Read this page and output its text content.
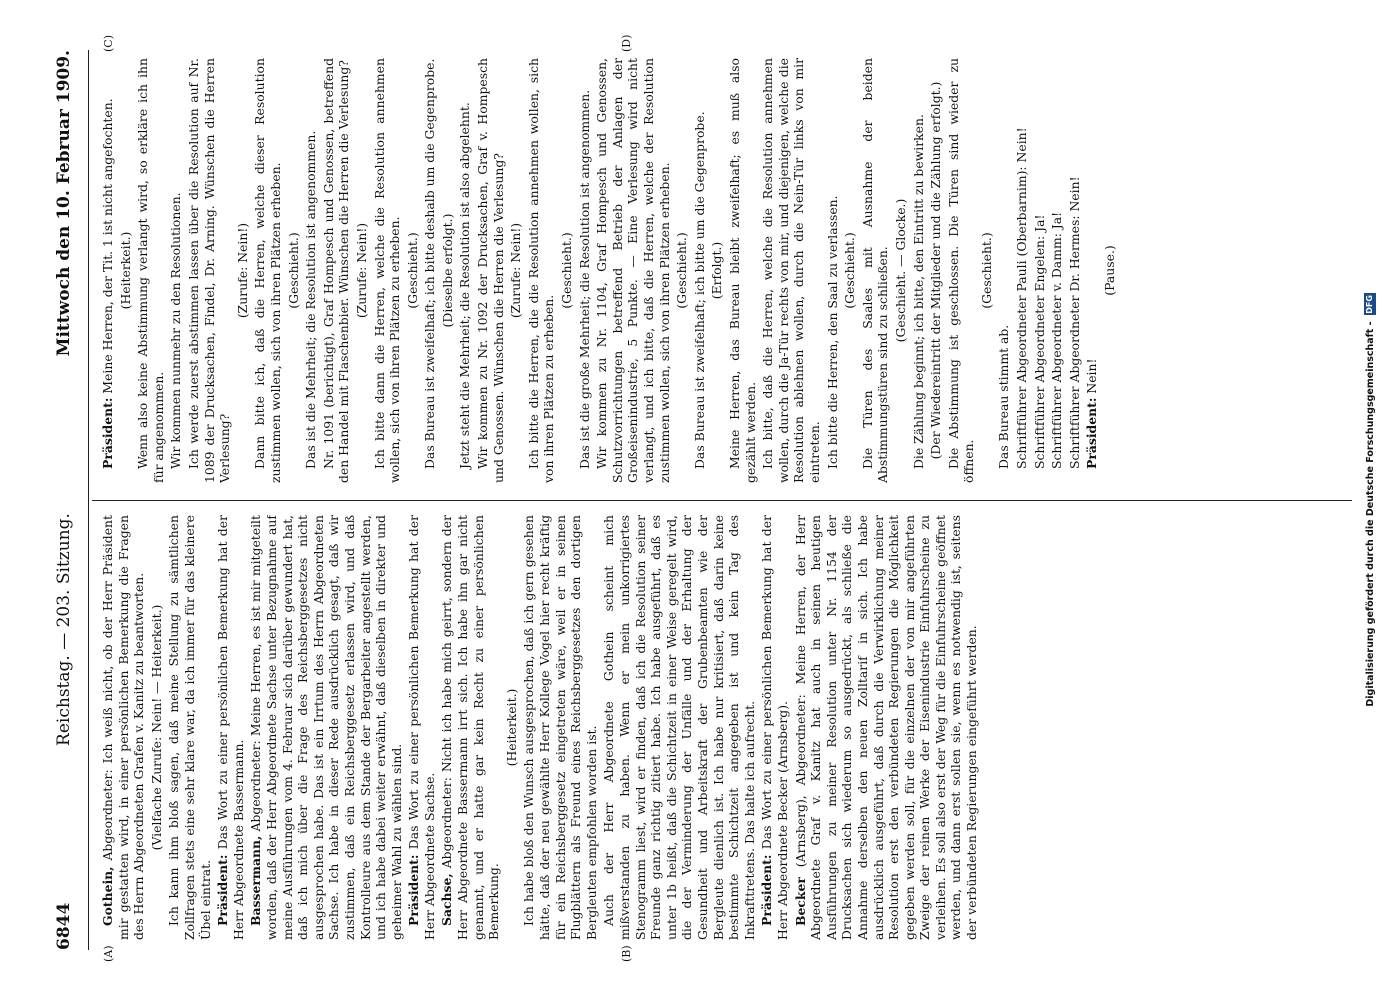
6844
Reichstag. — 203. Sitzung.
Mittwoch den 10. Februar 1909.
(A)	(B)
(C)	(D)

Gothein, Abgeordneter: Ich weiß nicht, ob der Herr Präsident mir gestatten wird, in einer persönlichen Bemerkung die Fragen des Herrn Abgeordneten Grafen v. Kanitz zu beantworten. (Vielfache Zurufe: Nein! — Heiterkeit.) Ich kann ihm bloß sagen, daß meine Stellung zu sämtlichen Zollfragen stets eine sehr klare war, da ich immer für das kleinere Übel eintrat. Präsident: Das Wort zu einer persönlichen Bemerkung hat der Herr Abgeordnete Bassermann. Bassermann, Abgeordneter: Meine Herren, es ist mir mitgeteilt worden, daß der Herr Abgeordnete Sachse unter Bezugnahme auf meine Ausführungen vom 4. Februar sich darüber gewundert hat, daß ich mich über die Frage des Reichsberggesetzes nicht ausgesprochen habe. Das ist ein Irrtum des Herrn Abgeordneten Sachse. Ich habe in dieser Rede ausdrücklich gesagt, daß wir zustimmen, daß ein Reichsberggesetz erlassen wird, und daß Kontrolleure aus dem Stande der Bergarbeiter angestellt werden, und ich habe dabei weiter erwähnt, daß dieselben in direkter und geheimer Wahl zu wählen sind. Präsident: Das Wort zu einer persönlichen Bemerkung hat der Herr Abgeordnete Sachse. Sachse, Abgeordneter: Nicht ich habe mich geirrt, sondern der Herr Abgeordnete Bassermann irrt sich. Ich habe ihn gar nicht genannt, und er hatte gar kein Recht zu einer persönlichen Bemerkung.

(Heiterkeit.) Ich habe bloß den Wunsch ausgesprochen, daß ich gern gesehen hätte, daß der neu gewählte Herr Kollege Vogel hier recht kräftig für ein Reichsberggesetz eingetreten wäre, weil er in seinen Flugblättern als Freund eines Reichsberggesetzes den dortigen Bergleuten empfohlen worden ist. Auch der Herr Abgeordnete Gothein scheint mich mißverstanden zu haben. Wenn er mein unkorrigiertes Stenogramm liest, wird er finden, daß ich die Resolution seiner Freunde ganz richtig zitiert habe. Ich habe ausgeführt, daß es unter 1b heißt, daß die Schichtzeit in einer Weise geregelt wird, die der Verminderung der Unfälle und der Erhaltung der Gesundheit und Arbeitskraft der Grubenbeamten wie der Bergleute dienlich ist. Ich habe nur kritisiert, daß darin keine bestimmte Schichtzeit angegeben ist und kein Tag des Inkrafttretens. Das halte ich aufrecht. Präsident: Das Wort zu einer persönlichen Bemerkung hat der Herr Abgeordnete Becker (Arnsberg). Becker (Arnsberg), Abgeordneter: Meine Herren, der Herr Abgeordnete Graf v. Kanitz hat auch in seinen heutigen Ausführungen zu meiner Resolution unter Nr. 1154 der Drucksachen sich wiederum so ausgedrückt, als schließe die Annahme derselben den neuen Zolltarif in sich. Ich habe ausdrücklich ausgeführt, daß durch die Verwirklichung meiner Resolution erst den verbündeten Regierungen die Möglichkeit gegeben werden soll, für die einzelnen der von mir angeführten Zweige der reinen Werke der Eisenindustrie Einfuhrscheine zu verleihen. Es soll also erst der Weg für die Einfuhrscheine geöffnet werden, und dann erst sollen sie, wenn es notwendig ist, seitens der verbündeten Regierungen eingeführt werden.

Präsident: Meine Herren, der Tit. 1 ist nicht angefochten. (Heiterkeit.) Wenn also keine Abstimmung verlangt wird, so erkläre ich ihn für angenommen. Wir kommen nunmehr zu den Resolutionen. Ich werde zuerst abstimmen lassen über die Resolution auf Nr. 1089 der Drucksachen, Findel, Dr. Arning. Wünschen die Herren Verlesung?

(Zurufe: Nein!) Dann bitte ich, daß die Herren, welche dieser Resolution zustimmen wollen, sich von ihren Plätzen erheben. (Geschieht.) Das ist die Mehrheit; die Resolution ist angenommen. Nr. 1091 (berichtigt), Graf Hompesch und Genossen, betreffend den Handel mit Flaschenbier. Wünschen die Herren die Verlesung? (Zurufe: Nein!) Ich bitte dann die Herren, welche die Resolution annehmen wollen, sich von ihren Plätzen zu erheben. (Geschieht.) Das Bureau ist zweifelhaft; ich bitte deshalb um die Gegenprobe. (Dieselbe erfolgt.) Jetzt steht die Mehrheit; die Resolution ist also abgelehnt. Wir kommen zu Nr. 1092 der Drucksachen, Graf v. Hompesch und Genossen. Wünschen die Herren die Verlesung? (Zurufe: Nein!) Ich bitte die Herren, die die Resolution annehmen wollen, sich von ihren Plätzen zu erheben.

(Geschieht.) Das ist die große Mehrheit; die Resolution ist angenommen. Wir kommen zu Nr. 1104, Graf Hompesch und Genossen, Schutzvorrichtungen betreffend Betrieb der Anlagen der Großeisenindustrie, 5 Punkte. — Eine Verlesung wird nicht verlangt, und ich bitte, daß die Herren, welche der Resolution zustimmen wollen, sich von ihren Plätzen erheben. (Geschieht.) Das Bureau ist zweifelhaft; ich bitte um die Gegenprobe. (Erfolgt.) Meine Herren, das Bureau bleibt zweifelhaft; es muß also gezählt werden. Ich bitte, daß die Herren, welche die Resolution annehmen wollen, durch die Ja-Tür rechts von mir, und diejenigen, welche die Resolution ablehnen wollen, durch die Nein-Tür links von mir eintreten. Ich bitte die Herren, den Saal zu verlassen. (Geschieht.) Die Türen des Saales mit Ausnahme der beiden Abstimmungstüren sind zu schließen. (Geschieht. — Glocke.) Die Zählung beginnt; ich bitte, den Eintritt zu bewirken. (Der Wiedereintritt der Mitglieder und die Zählung erfolgt.) Die Abstimmung ist geschlossen. Die Türen sind wieder zu öffnen.

(Geschieht.)

Das Bureau stimmt ab. Schriftführer Abgeordneter Pauli (Oberbarnim): Nein! Schriftführer Abgeordneter Engelen: Ja! Schriftführer Abgeordneter v. Damm: Ja! Schriftführer Abgeordneter Dr. Hermes: Nein! Präsident: Nein!

(Pause.)

Digitalisierung gefördert durch die Deutsche Forschungsgemeinschaft -
DFG
